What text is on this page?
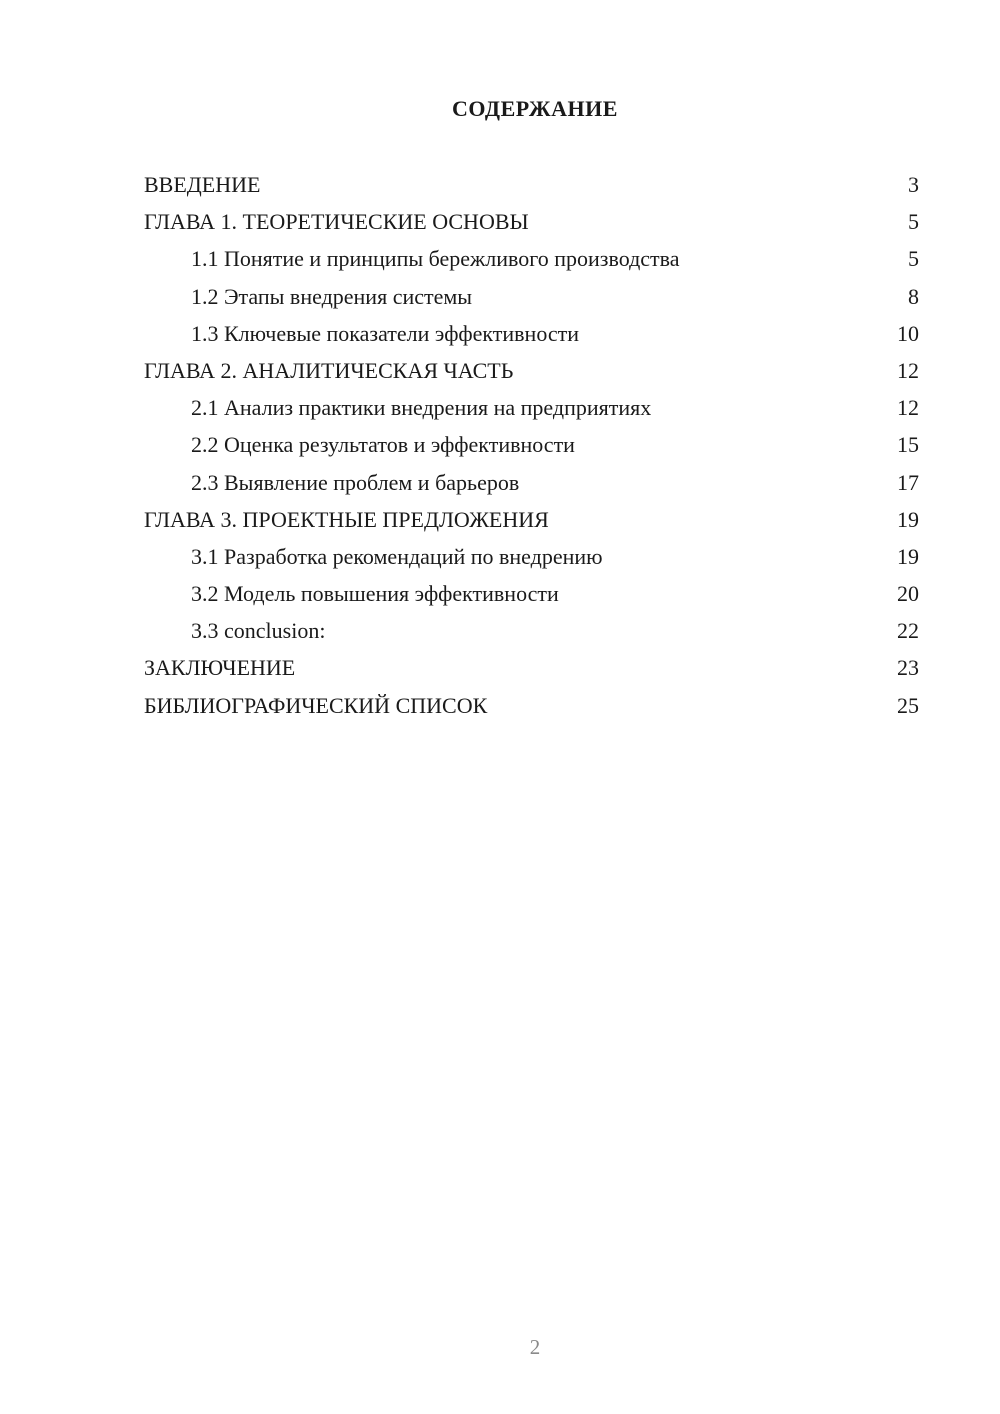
СОДЕРЖАНИЕ
ВВЕДЕНИЕ	3
ГЛАВА 1. ТЕОРЕТИЧЕСКИЕ ОСНОВЫ	5
1.1 Понятие и принципы бережливого производства	5
1.2 Этапы внедрения системы	8
1.3 Ключевые показатели эффективности	10
ГЛАВА 2. АНАЛИТИЧЕСКАЯ ЧАСТЬ	12
2.1 Анализ практики внедрения на предприятиях	12
2.2 Оценка результатов и эффективности	15
2.3 Выявление проблем и барьеров	17
ГЛАВА 3. ПРОЕКТНЫЕ ПРЕДЛОЖЕНИЯ	19
3.1 Разработка рекомендаций по внедрению	19
3.2 Модель повышения эффективности	20
3.3 conclusion:	22
ЗАКЛЮЧЕНИЕ	23
БИБЛИОГРАФИЧЕСКИЙ СПИСОК	25

2
